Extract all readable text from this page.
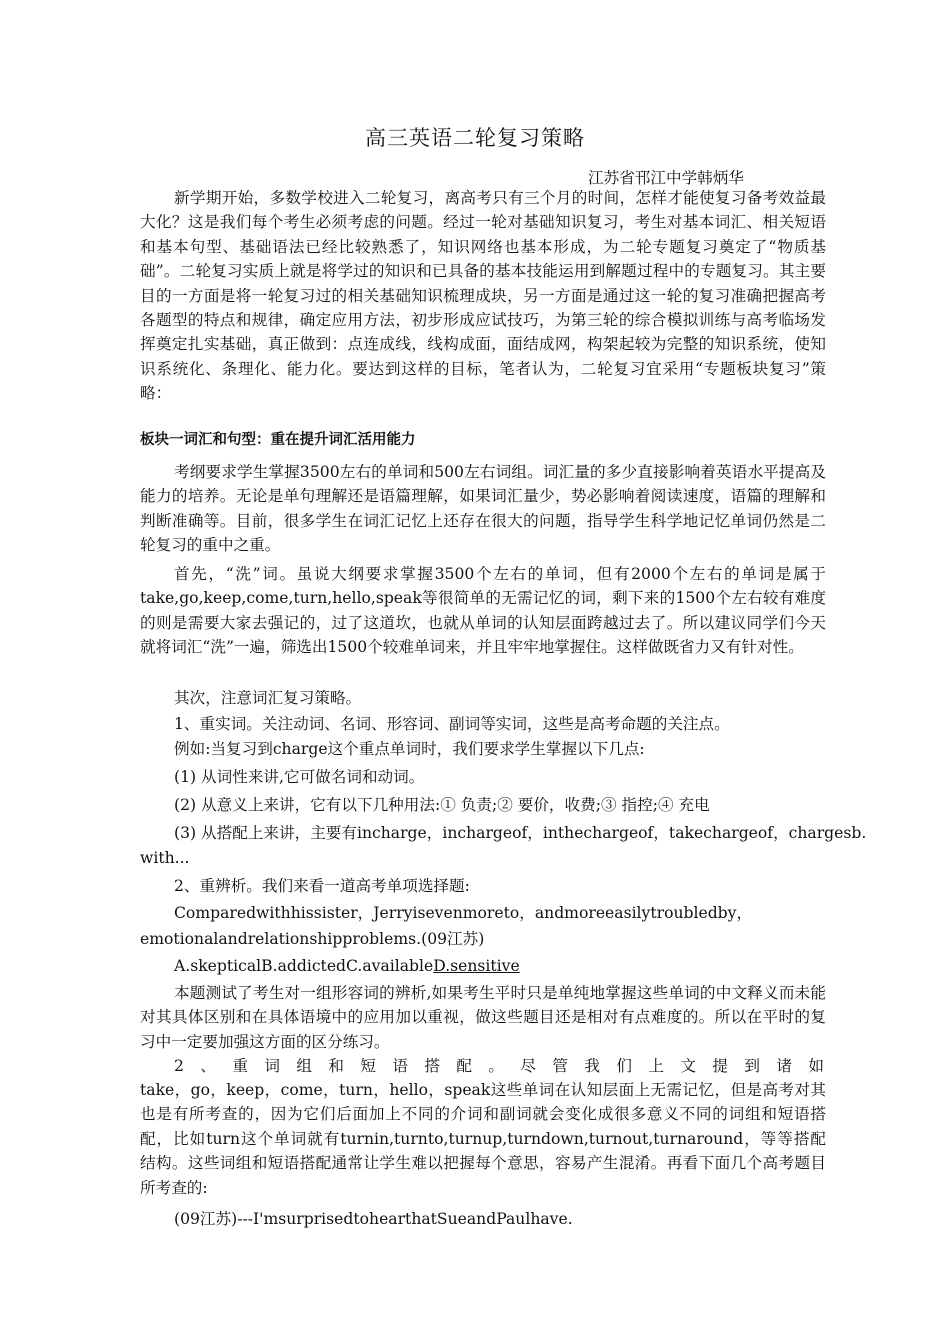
高三英语二轮复习策略
江苏省邗江中学韩炳华

新学期开始，多数学校进入二轮复习，离高考只有三个月的时间，怎样才能使复习备考效益最大化？这是我们每个考生必须考虑的问题。经过一轮对基础知识复习，考生对基本词汇、相关短语和基本句型、基础语法已经比较熟悉了，知识网络也基本形成，为二轮专题复习奠定了“物质基础”。二轮复习实质上就是将学过的知识和已具备的基本技能运用到解题过程中的专题复习。其主要目的一方面是将一轮复习过的相关基础知识梳理成块，另一方面是通过这一轮的复习准确把握高考各题型的特点和规律，确定应用方法，初步形成应试技巧，为第三轮的综合模拟训练与高考临场发挥奠定扎实基础，真正做到：点连成线，线构成面，面结成网，构架起较为完整的知识系统，使知识系统化、条理化、能力化。要达到这样的目标，笔者认为，二轮复习宜采用“专题板块复习”策略：

板块一词汇和句型：重在提升词汇活用能力

考纲要求学生掌握3500左右的单词和500左右词组。词汇量的多少直接影响着英语水平提高及能力的培养。无论是单句理解还是语篇理解，如果词汇量少，势必影响着阅读速度，语篇的理解和判断准确等。目前，很多学生在词汇记忆上还存在很大的问题，指导学生科学地记忆单词仍然是二轮复习的重中之重。

首先，“洗”词。虽说大纲要求掌握3500个左右的单词，但有2000个左右的单词是属于take,go,keep,come,turn,hello,speak等很简单的无需记忆的词，剩下来的1500个左右较有难度的则是需要大家去强记的，过了这道坎，也就从单词的认知层面跨越过去了。所以建议同学们今天就将词汇“洗”一遍，筛选出1500个较难单词来，并且牢牢地掌握住。这样做既省力又有针对性。

其次，注意词汇复习策略。

1、重实词。关注动词、名词、形容词、副词等实词，这些是高考命题的关注点。

例如:当复习到charge这个重点单词时，我们要求学生掌握以下几点:

(1) 从词性来讲,它可做名词和动词。

(2) 从意义上来讲，它有以下几种用法:① 负责;② 要价，收费;③ 指控;④ 充电

(3) 从搭配上来讲，主要有incharge，inchargeof，inthechargeof，takechargeof，chargesb.

with...

2、重辨析。我们来看一道高考单项选择题:

Comparedwithhissister，Jerryisevenmoreto，andmoreeasilytroubledby，

emotionalandrelationshipproblems.(09江苏)

A.skepticalB.addictedC.availableD.sensitive

本题测试了考生对一组形容词的辨析,如果考生平时只是单纯地掌握这些单词的中文释义而未能对其具体区别和在具体语境中的应用加以重视，做这些题目还是相对有点难度的。所以在平时的复习中一定要加强这方面的区分练习。

2、重词组和短语搭配。尽管我们上文提到诸如

take，go，keep，come，turn，hello，speak这些单词在认知层面上无需记忆，但是高考对其也是有所考查的，因为它们后面加上不同的介词和副词就会变化成很多意义不同的词组和短语搭配，比如turn这个单词就有turnin,turnto,turnup,turndown,turnout,turnaround，等等搭配结构。这些词组和短语搭配通常让学生难以把握每个意思，容易产生混淆。再看下面几个高考题目所考查的:

(09江苏)---I'msurprisedtohearthatSueandPaulhave.
